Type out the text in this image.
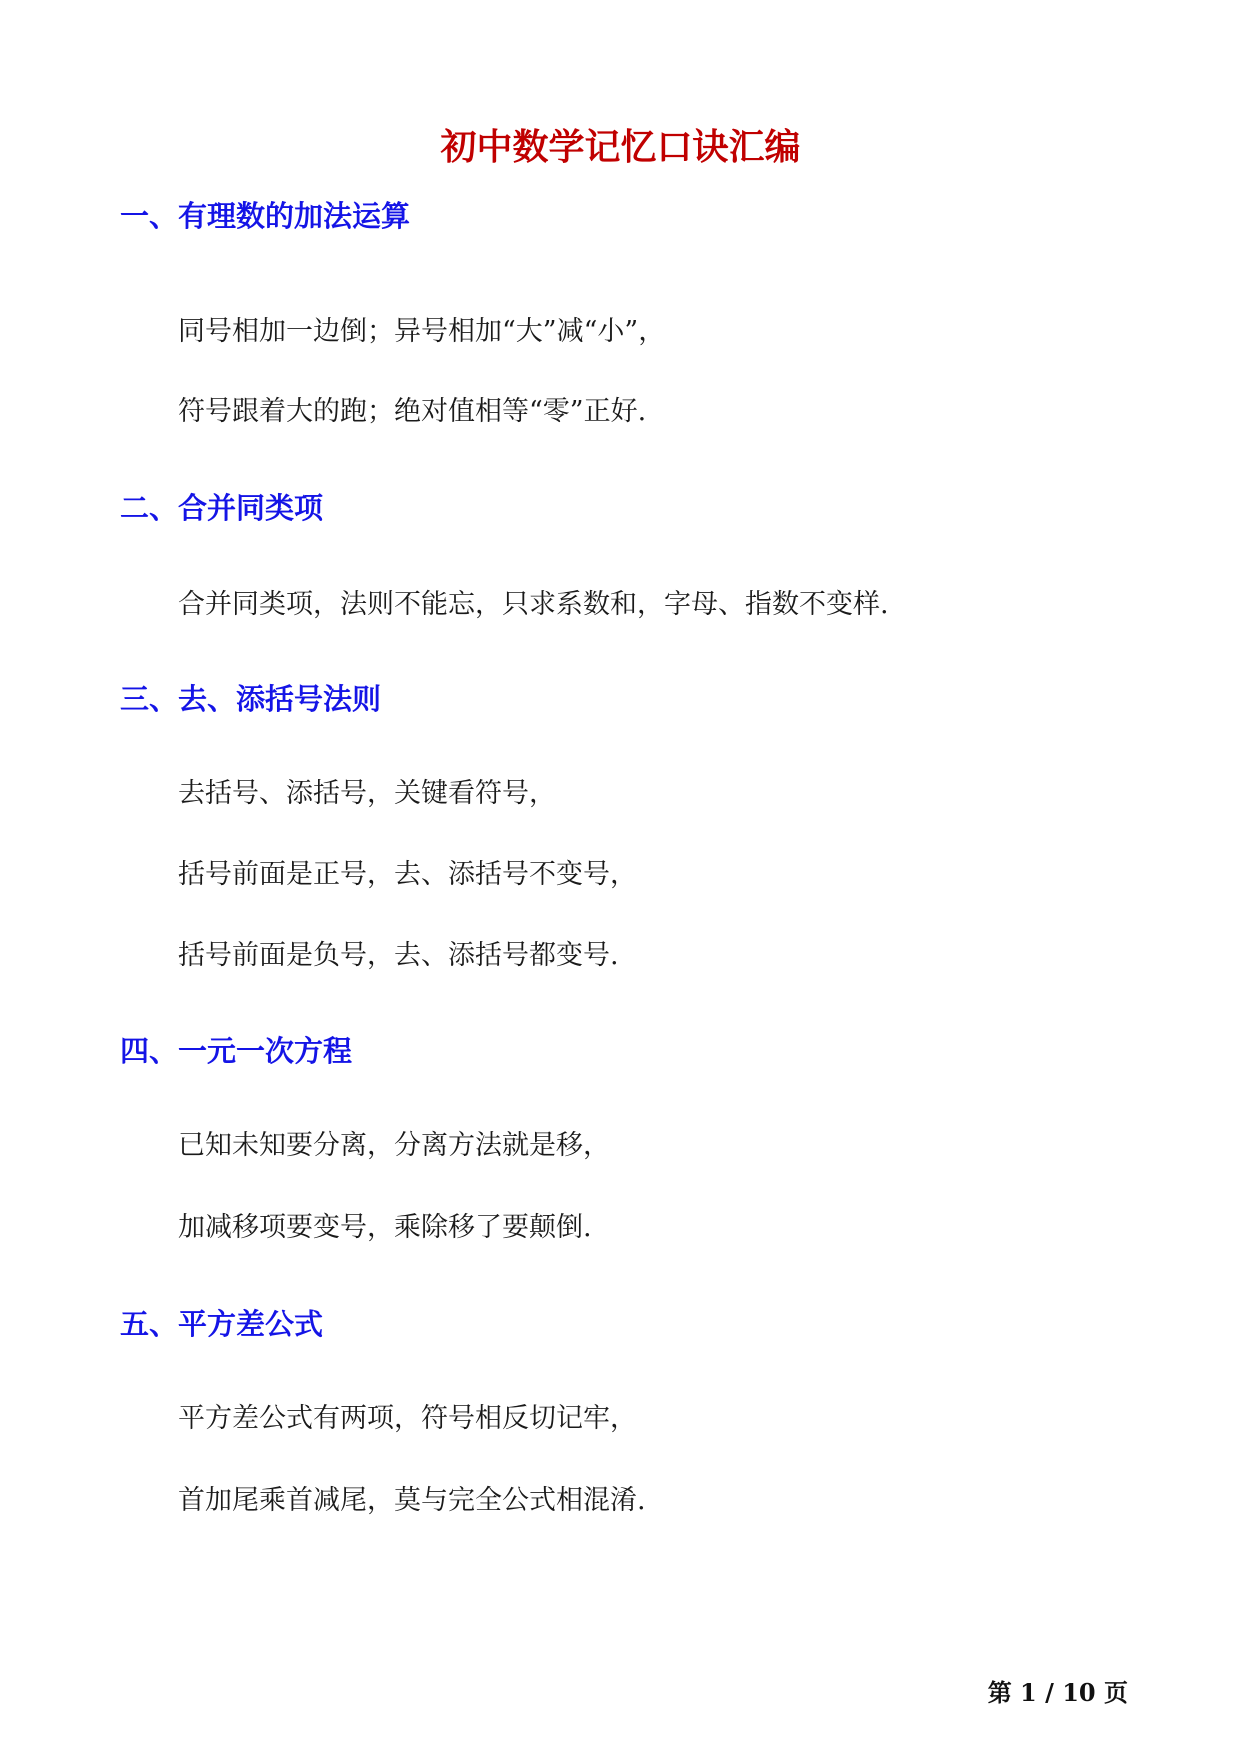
初中数学记忆口诀汇编
一、有理数的加法运算

同号相加一边倒；异号相加“大”减“小”，

符号跟着大的跑；绝对值相等“零”正好.

二、合并同类项

合并同类项，法则不能忘，只求系数和，字母、指数不变样.

三、去、添括号法则

去括号、添括号，关键看符号，

括号前面是正号，去、添括号不变号，

括号前面是负号，去、添括号都变号.

四、一元一次方程

已知未知要分离，分离方法就是移，

加减移项要变号，乘除移了要颠倒.

五、平方差公式

平方差公式有两项，符号相反切记牢，

首加尾乘首减尾，莫与完全公式相混淆.

第 1 / 10 页
